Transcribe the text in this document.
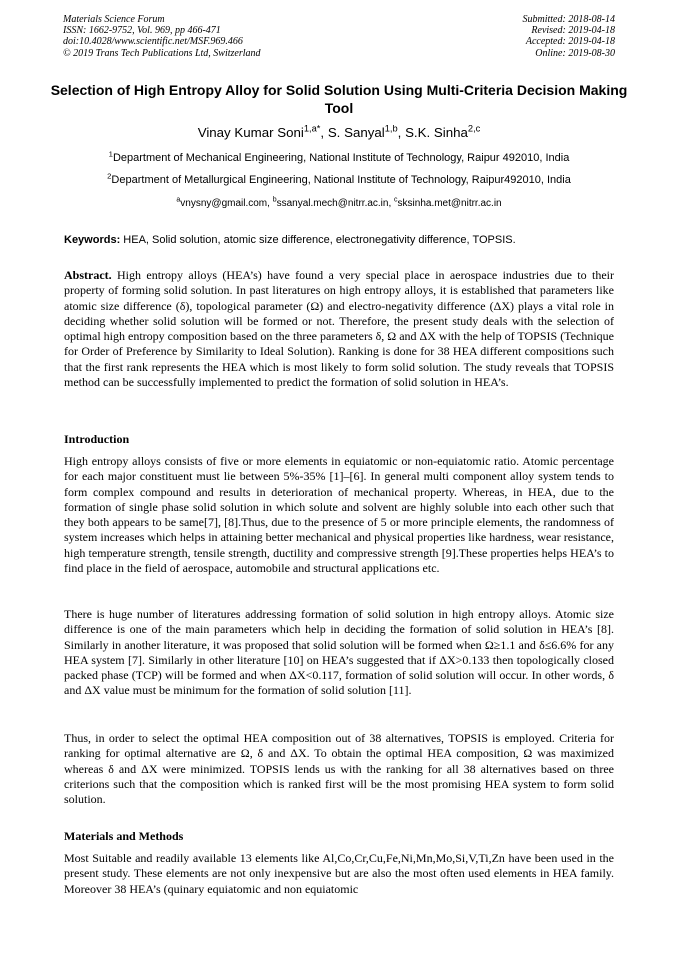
Materials Science Forum
ISSN: 1662-9752, Vol. 969, pp 466-471
doi:10.4028/www.scientific.net/MSF.969.466
© 2019 Trans Tech Publications Ltd, Switzerland
Submitted: 2018-08-14
Revised: 2019-04-18
Accepted: 2019-04-18
Online: 2019-08-30
Selection of High Entropy Alloy for Solid Solution Using Multi-Criteria Decision Making Tool
Vinay Kumar Soni$^{1,a*}$, S. Sanyal$^{1,b}$, S.K. Sinha$^{2,c}$
$^1$Department of Mechanical Engineering, National Institute of Technology, Raipur 492010, India
$^2$Department of Metallurgical Engineering, National Institute of Technology, Raipur492010, India
$^a$vnysny@gmail.com, $^b$ssanyal.mech@nitrr.ac.in, $^c$sksinha.met@nitrr.ac.in
Keywords: HEA, Solid solution, atomic size difference, electronegativity difference, TOPSIS.
Abstract. High entropy alloys (HEA’s) have found a very special place in aerospace industries due to their property of forming solid solution. In past literatures on high entropy alloys, it is established that parameters like atomic size difference (δ), topological parameter (Ω) and electro-negativity difference (ΔX) plays a vital role in deciding whether solid solution will be formed or not. Therefore, the present study deals with the selection of optimal high entropy composition based on the three parameters δ, Ω and ΔX with the help of TOPSIS (Technique for Order of Preference by Similarity to Ideal Solution). Ranking is done for 38 HEA different compositions such that the first rank represents the HEA which is most likely to form solid solution. The study reveals that TOPSIS method can be successfully implemented to predict the formation of solid solution in HEA’s.
Introduction
High entropy alloys consists of five or more elements in equiatomic or non-equiatomic ratio. Atomic percentage for each major constituent must lie between 5%-35% [1]–[6]. In general multi component alloy system tends to form complex compound and results in deterioration of mechanical property. Whereas, in HEA, due to the formation of single phase solid solution in which solute and solvent are highly soluble into each other such that they both appears to be same[7], [8].Thus, due to the presence of 5 or more principle elements, the randomness of system increases which helps in attaining better mechanical and physical properties like hardness, wear resistance, high temperature strength, tensile strength, ductility and compressive strength [9].These properties helps HEA’s to find place in the field of aerospace, automobile and structural applications etc.
There is huge number of literatures addressing formation of solid solution in high entropy alloys. Atomic size difference is one of the main parameters which help in deciding the formation of solid solution in HEA’s [8]. Similarly in another literature, it was proposed that solid solution will be formed when Ω≥1.1 and δ≤6.6% for any HEA system [7]. Similarly in other literature [10] on HEA’s suggested that if ΔX>0.133 then topologically closed packed phase (TCP) will be formed and when ΔX<0.117, formation of solid solution will occur. In other words, δ and ΔX value must be minimum for the formation of solid solution [11].
Thus, in order to select the optimal HEA composition out of 38 alternatives, TOPSIS is employed. Criteria for ranking for optimal alternative are Ω, δ and ΔX. To obtain the optimal HEA composition, Ω was maximized whereas δ and ΔX were minimized. TOPSIS lends us with the ranking for all 38 alternatives based on three criterions such that the composition which is ranked first will be the most promising HEA system to form solid solution.
Materials and Methods
Most Suitable and readily available 13 elements like Al,Co,Cr,Cu,Fe,Ni,Mn,Mo,Si,V,Ti,Zn have been used in the present study. These elements are not only inexpensive but are also the most often used elements in HEA family. Moreover 38 HEA’s (quinary equiatomic and non equiatomic
